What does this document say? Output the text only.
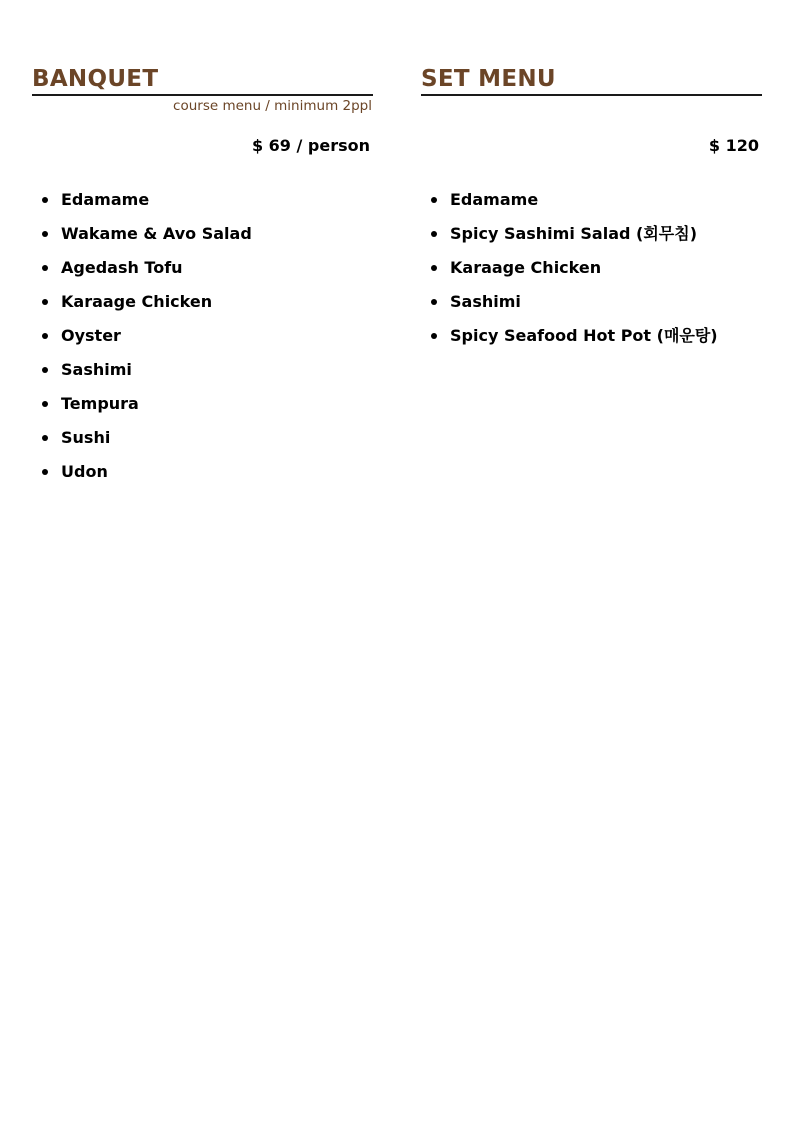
BANQUET
course menu / minimum 2ppl
$ 69 / person
Edamame
Wakame & Avo Salad
Agedash Tofu
Karaage Chicken
Oyster
Sashimi
Tempura
Sushi
Udon
SET MENU
$ 120
Edamame
Spicy Sashimi Salad (회무침)
Karaage Chicken
Sashimi
Spicy Seafood Hot Pot (매운탕)
